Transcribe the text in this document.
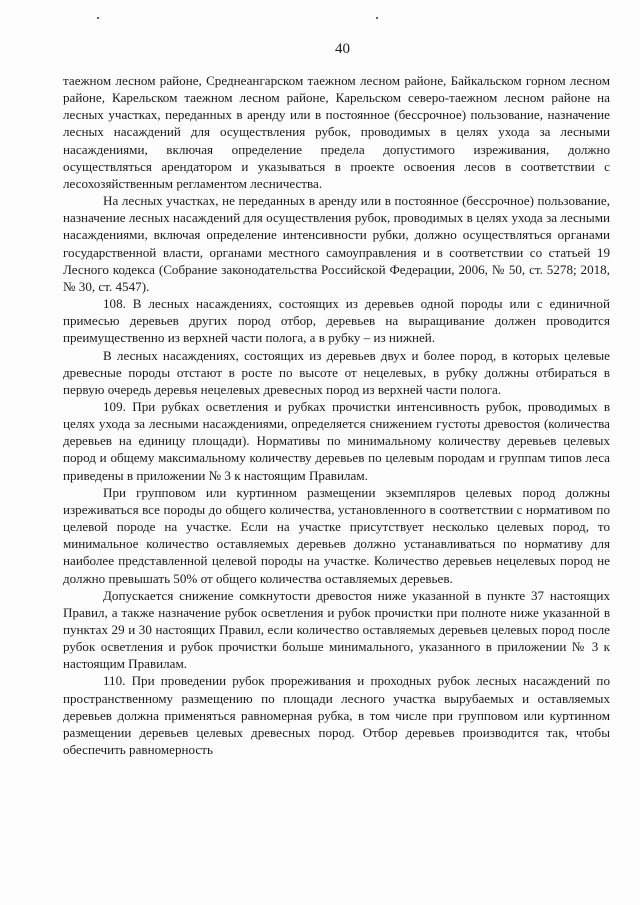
40

таежном лесном районе, Среднеангарском таежном лесном районе, Байкальском горном лесном районе, Карельском таежном лесном районе, Карельском северо-таежном лесном районе на лесных участках, переданных в аренду или в постоянное (бессрочное) пользование, назначение лесных насаждений для осуществления рубок, проводимых в целях ухода за лесными насаждениями, включая определение предела допустимого изреживания, должно осуществляться арендатором и указываться в проекте освоения лесов в соответствии с лесохозяйственным регламентом лесничества.

На лесных участках, не переданных в аренду или в постоянное (бессрочное) пользование, назначение лесных насаждений для осуществления рубок, проводимых в целях ухода за лесными насаждениями, включая определение интенсивности рубки, должно осуществляться органами государственной власти, органами местного самоуправления и в соответствии со статьей 19 Лесного кодекса (Собрание законодательства Российской Федерации, 2006, № 50, ст. 5278; 2018, № 30, ст. 4547).

108. В лесных насаждениях, состоящих из деревьев одной породы или с единичной примесью деревьев других пород отбор, деревьев на выращивание должен проводится преимущественно из верхней части полога, а в рубку – из нижней.

В лесных насаждениях, состоящих из деревьев двух и более пород, в которых целевые древесные породы отстают в росте по высоте от нецелевых, в рубку должны отбираться в первую очередь деревья нецелевых древесных пород из верхней части полога.

109. При рубках осветления и рубках прочистки интенсивность рубок, проводимых в целях ухода за лесными насаждениями, определяется снижением густоты древостоя (количества деревьев на единицу площади). Нормативы по минимальному количеству деревьев целевых пород и общему максимальному количеству деревьев по целевым породам и группам типов леса приведены в приложении № 3 к настоящим Правилам.

При групповом или куртинном размещении экземпляров целевых пород должны изреживаться все породы до общего количества, установленного в соответствии с нормативом по целевой породе на участке. Если на участке присутствует несколько целевых пород, то минимальное количество оставляемых деревьев должно устанавливаться по нормативу для наиболее представленной целевой породы на участке. Количество деревьев нецелевых пород не должно превышать 50% от общего количества оставляемых деревьев.

Допускается снижение сомкнутости древостоя ниже указанной в пункте 37 настоящих Правил, а также назначение рубок осветления и рубок прочистки при полноте ниже указанной в пунктах 29 и 30 настоящих Правил, если количество оставляемых деревьев целевых пород после рубок осветления и рубок прочистки больше минимального, указанного в приложении № 3 к настоящим Правилам.

110. При проведении рубок прореживания и проходных рубок лесных насаждений по пространственному размещению по площади лесного участка вырубаемых и оставляемых деревьев должна применяться равномерная рубка, в том числе при групповом или куртинном размещении деревьев целевых древесных пород. Отбор деревьев производится так, чтобы обеспечить равномерность
